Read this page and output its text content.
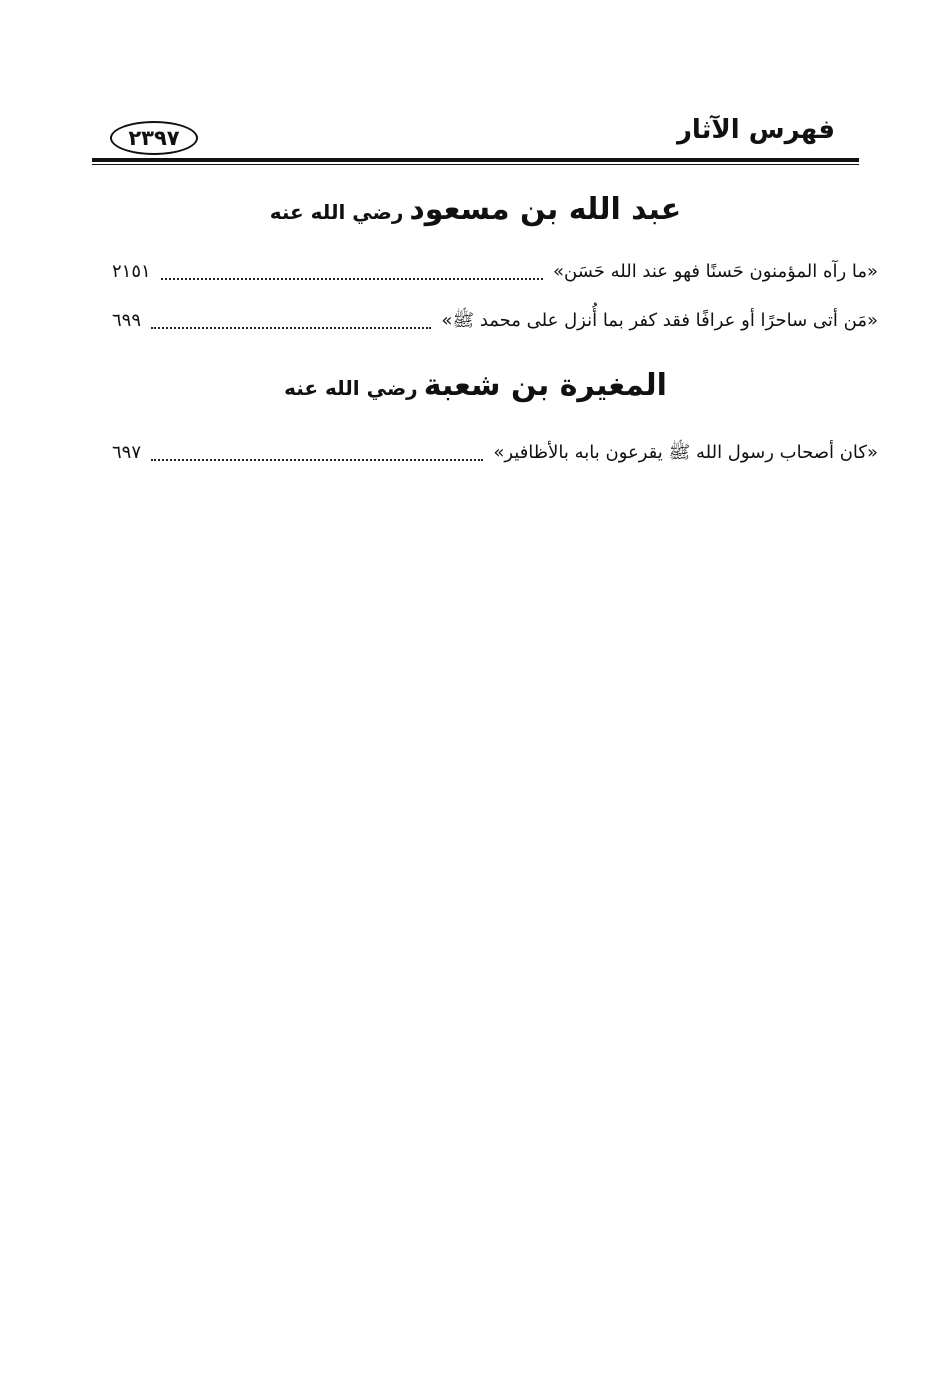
فهرس الآثار
٢٣٩٧
عبد الله بن مسعودرضي الله عنه
«ما رآه المؤمنون حَسنًا فهو عند الله حَسَن»
٢١٥١
«مَن أتى ساحرًا أو عرافًا فقد كفر بما أُنزل على محمد ﷺ»
٦٩٩
المغيرة بن شعبةرضي الله عنه
«كان أصحاب رسول الله ﷺ يقرعون بابه بالأظافير»
٦٩٧
